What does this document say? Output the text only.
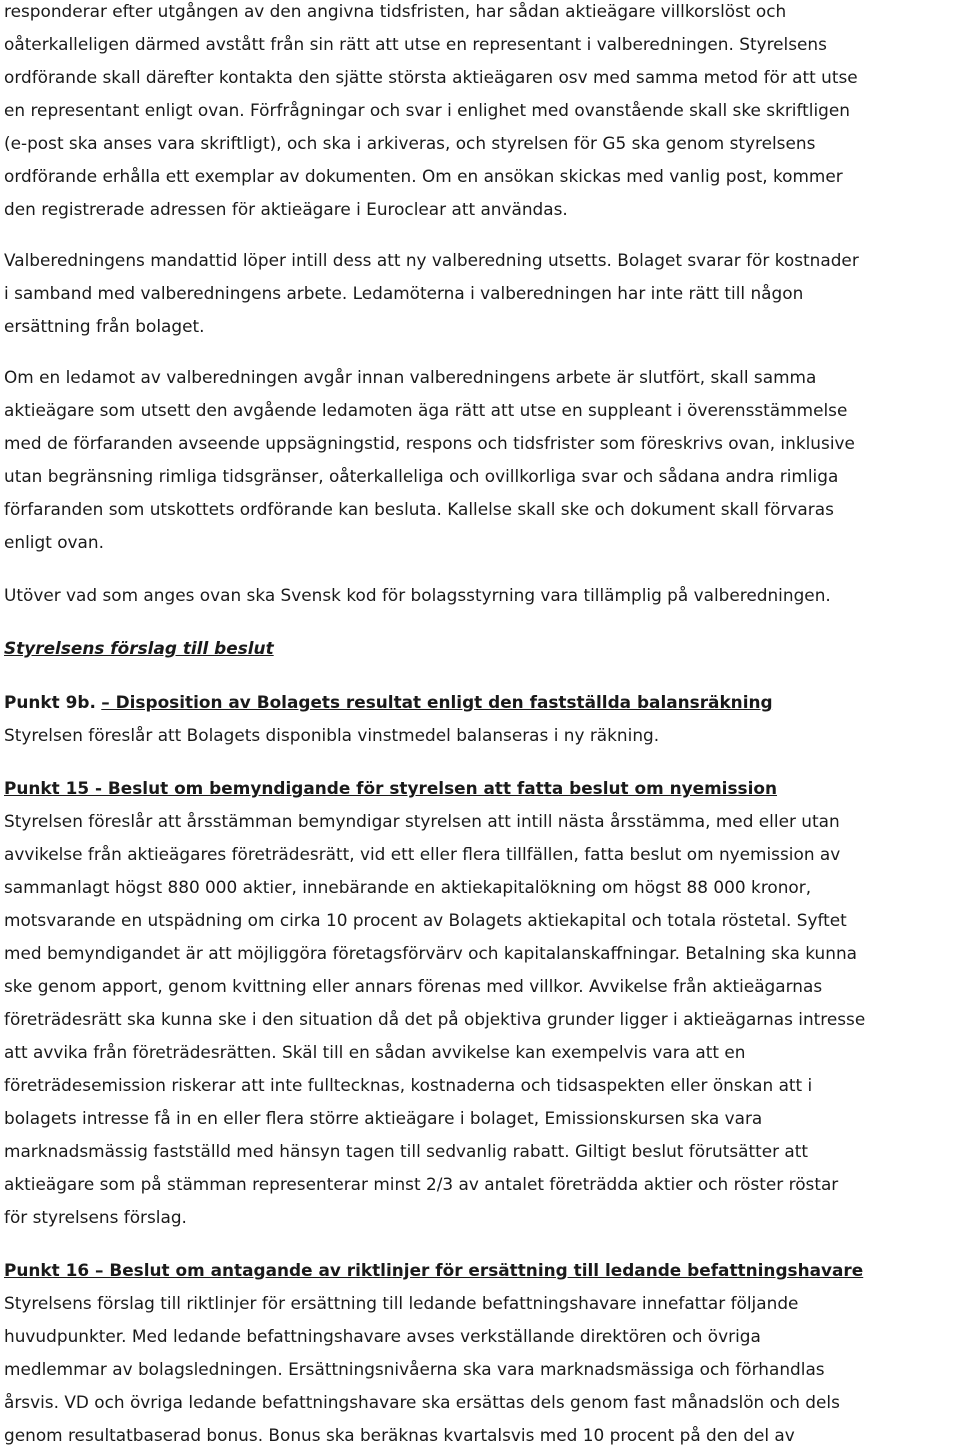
responderar efter utgången av den angivna tidsfristen, har sådan aktieägare villkorslöst och
oåterkalleligen därmed avstått från sin rätt att utse en representant i valberedningen. Styrelsens
ordförande skall därefter kontakta den sjätte största aktieägaren osv med samma metod för att utse
en representant enligt ovan. Förfrågningar och svar i enlighet med ovanstående skall ske skriftligen
(e-post ska anses vara skriftligt), och ska i arkiveras, och styrelsen för G5 ska genom styrelsens
ordförande erhålla ett exemplar av dokumenten. Om en ansökan skickas med vanlig post, kommer
den registrerade adressen för aktieägare i Euroclear att användas.
Valberedningens mandattid löper intill dess att ny valberedning utsetts. Bolaget svarar för kostnader
i samband med valberedningens arbete. Ledamöterna i valberedningen har inte rätt till någon
ersättning från bolaget.
Om en ledamot av valberedningen avgår innan valberedningens arbete är slutfört, skall samma
aktieägare som utsett den avgående ledamoten äga rätt att utse en suppleant i överensstämmelse
med de förfaranden avseende uppsägningstid, respons och tidsfrister som föreskrivs ovan, inklusive
utan begränsning rimliga tidsgränser, oåterkalleliga och ovillkorliga svar och sådana andra rimliga
förfaranden som utskottets ordförande kan besluta. Kallelse skall ske och dokument skall förvaras
enligt ovan.
Utöver vad som anges ovan ska Svensk kod för bolagsstyrning vara tillämplig på valberedningen.
Styrelsens förslag till beslut
Punkt 9b. – Disposition av Bolagets resultat enligt den fastställda balansräkning
Styrelsen föreslår att Bolagets disponibla vinstmedel balanseras i ny räkning.
Punkt 15 - Beslut om bemyndigande för styrelsen att fatta beslut om nyemission
Styrelsen föreslår att årsstämman bemyndigar styrelsen att intill nästa årsstämma, med eller utan
avvikelse från aktieägares företrädesrätt, vid ett eller flera tillfällen, fatta beslut om nyemission av
sammanlagt högst 880 000 aktier, innebärande en aktiekapitalökning om högst 88 000 kronor,
motsvarande en utspädning om cirka 10 procent av Bolagets aktiekapital och totala röstetal. Syftet
med bemyndigandet är att möjliggöra företagsförvärv och kapitalanskaffningar. Betalning ska kunna
ske genom apport, genom kvittning eller annars förenas med villkor. Avvikelse från aktieägarnas
företrädesrätt ska kunna ske i den situation då det på objektiva grunder ligger i aktieägarnas intresse
att avvika från företrädesrätten. Skäl till en sådan avvikelse kan exempelvis vara att en
företrädesemission riskerar att inte fulltecknas, kostnaderna och tidsaspekten eller önskan att i
bolagets intresse få in en eller flera större aktieägare i bolaget, Emissionskursen ska vara
marknadsmässig fastställd med hänsyn tagen till sedvanlig rabatt. Giltigt beslut förutsätter att
aktieägare som på stämman representerar minst 2/3 av antalet företrädda aktier och röster röstar
för styrelsens förslag.
Punkt 16 – Beslut om antagande av riktlinjer för ersättning till ledande befattningshavare
Styrelsens förslag till riktlinjer för ersättning till ledande befattningshavare innefattar följande
huvudpunkter. Med ledande befattningshavare avses verkställande direktören och övriga
medlemmar av bolagsledningen. Ersättningsnivåerna ska vara marknadsmässiga och förhandlas
årsvis. VD och övriga ledande befattningshavare ska ersättas dels genom fast månadslön och dels
genom resultatbaserad bonus. Bonus ska beräknas kvartalsvis med 10 procent på den del av
